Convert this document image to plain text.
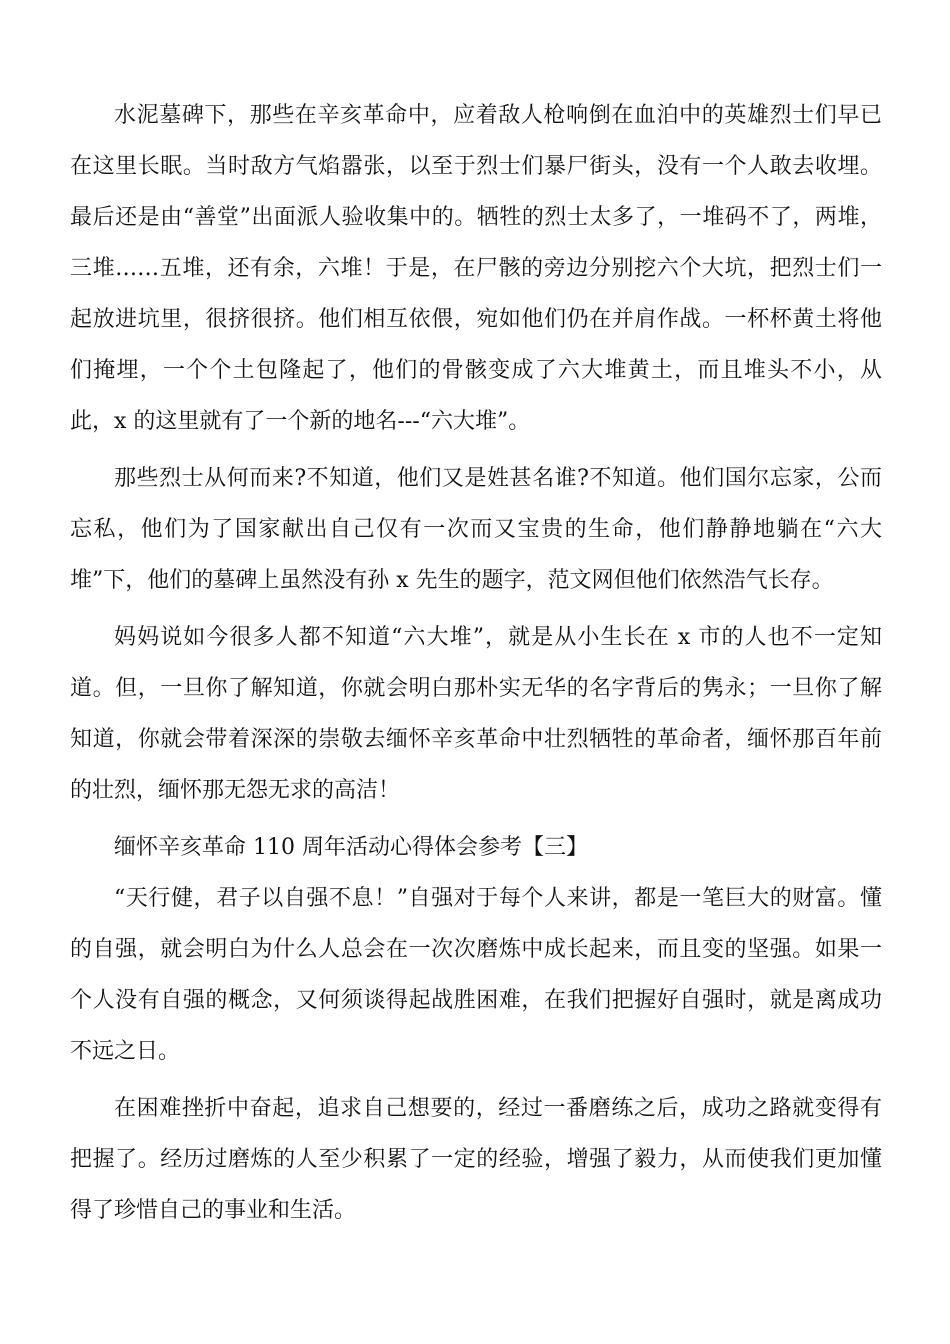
水泥墓碑下，那些在辛亥革命中，应着敌人枪响倒在血泊中的英雄烈士们早已在这里长眠。当时敌方气焰嚣张，以至于烈士们暴尸街头，没有一个人敢去收埋。最后还是由“善堂”出面派人验收集中的。牺牲的烈士太多了，一堆码不了，两堆，三堆……五堆，还有余，六堆！于是，在尸骸的旁边分别挖六个大坑，把烈士们一起放进坑里，很挤很挤。他们相互依偎，宛如他们仍在并肩作战。一杯杯黄土将他们掩埋，一个个土包隆起了，他们的骨骸变成了六大堆黄土，而且堆头不小，从此，x 的这里就有了一个新的地名---“六大堆”。

那些烈士从何而来?不知道，他们又是姓甚名谁?不知道。他们国尔忘家，公而忘私，他们为了国家献出自己仅有一次而又宝贵的生命，他们静静地躺在“六大堆”下，他们的墓碑上虽然没有孙 x 先生的题字，范文网但他们依然浩气长存。

妈妈说如今很多人都不知道“六大堆”，就是从小生长在 x 市的人也不一定知道。但，一旦你了解知道，你就会明白那朴实无华的名字背后的隽永；一旦你了解知道，你就会带着深深的崇敬去缅怀辛亥革命中壮烈牺牲的革命者，缅怀那百年前的壮烈，缅怀那无怨无求的高洁！

缅怀辛亥革命 110 周年活动心得体会参考【三】

“天行健，君子以自强不息！”自强对于每个人来讲，都是一笔巨大的财富。懂的自强，就会明白为什么人总会在一次次磨炼中成长起来，而且变的坚强。如果一个人没有自强的概念，又何须谈得起战胜困难，在我们把握好自强时，就是离成功不远之日。

在困难挫折中奋起，追求自己想要的，经过一番磨练之后，成功之路就变得有把握了。经历过磨炼的人至少积累了一定的经验，增强了毅力，从而使我们更加懂得了珍惜自己的事业和生活。
